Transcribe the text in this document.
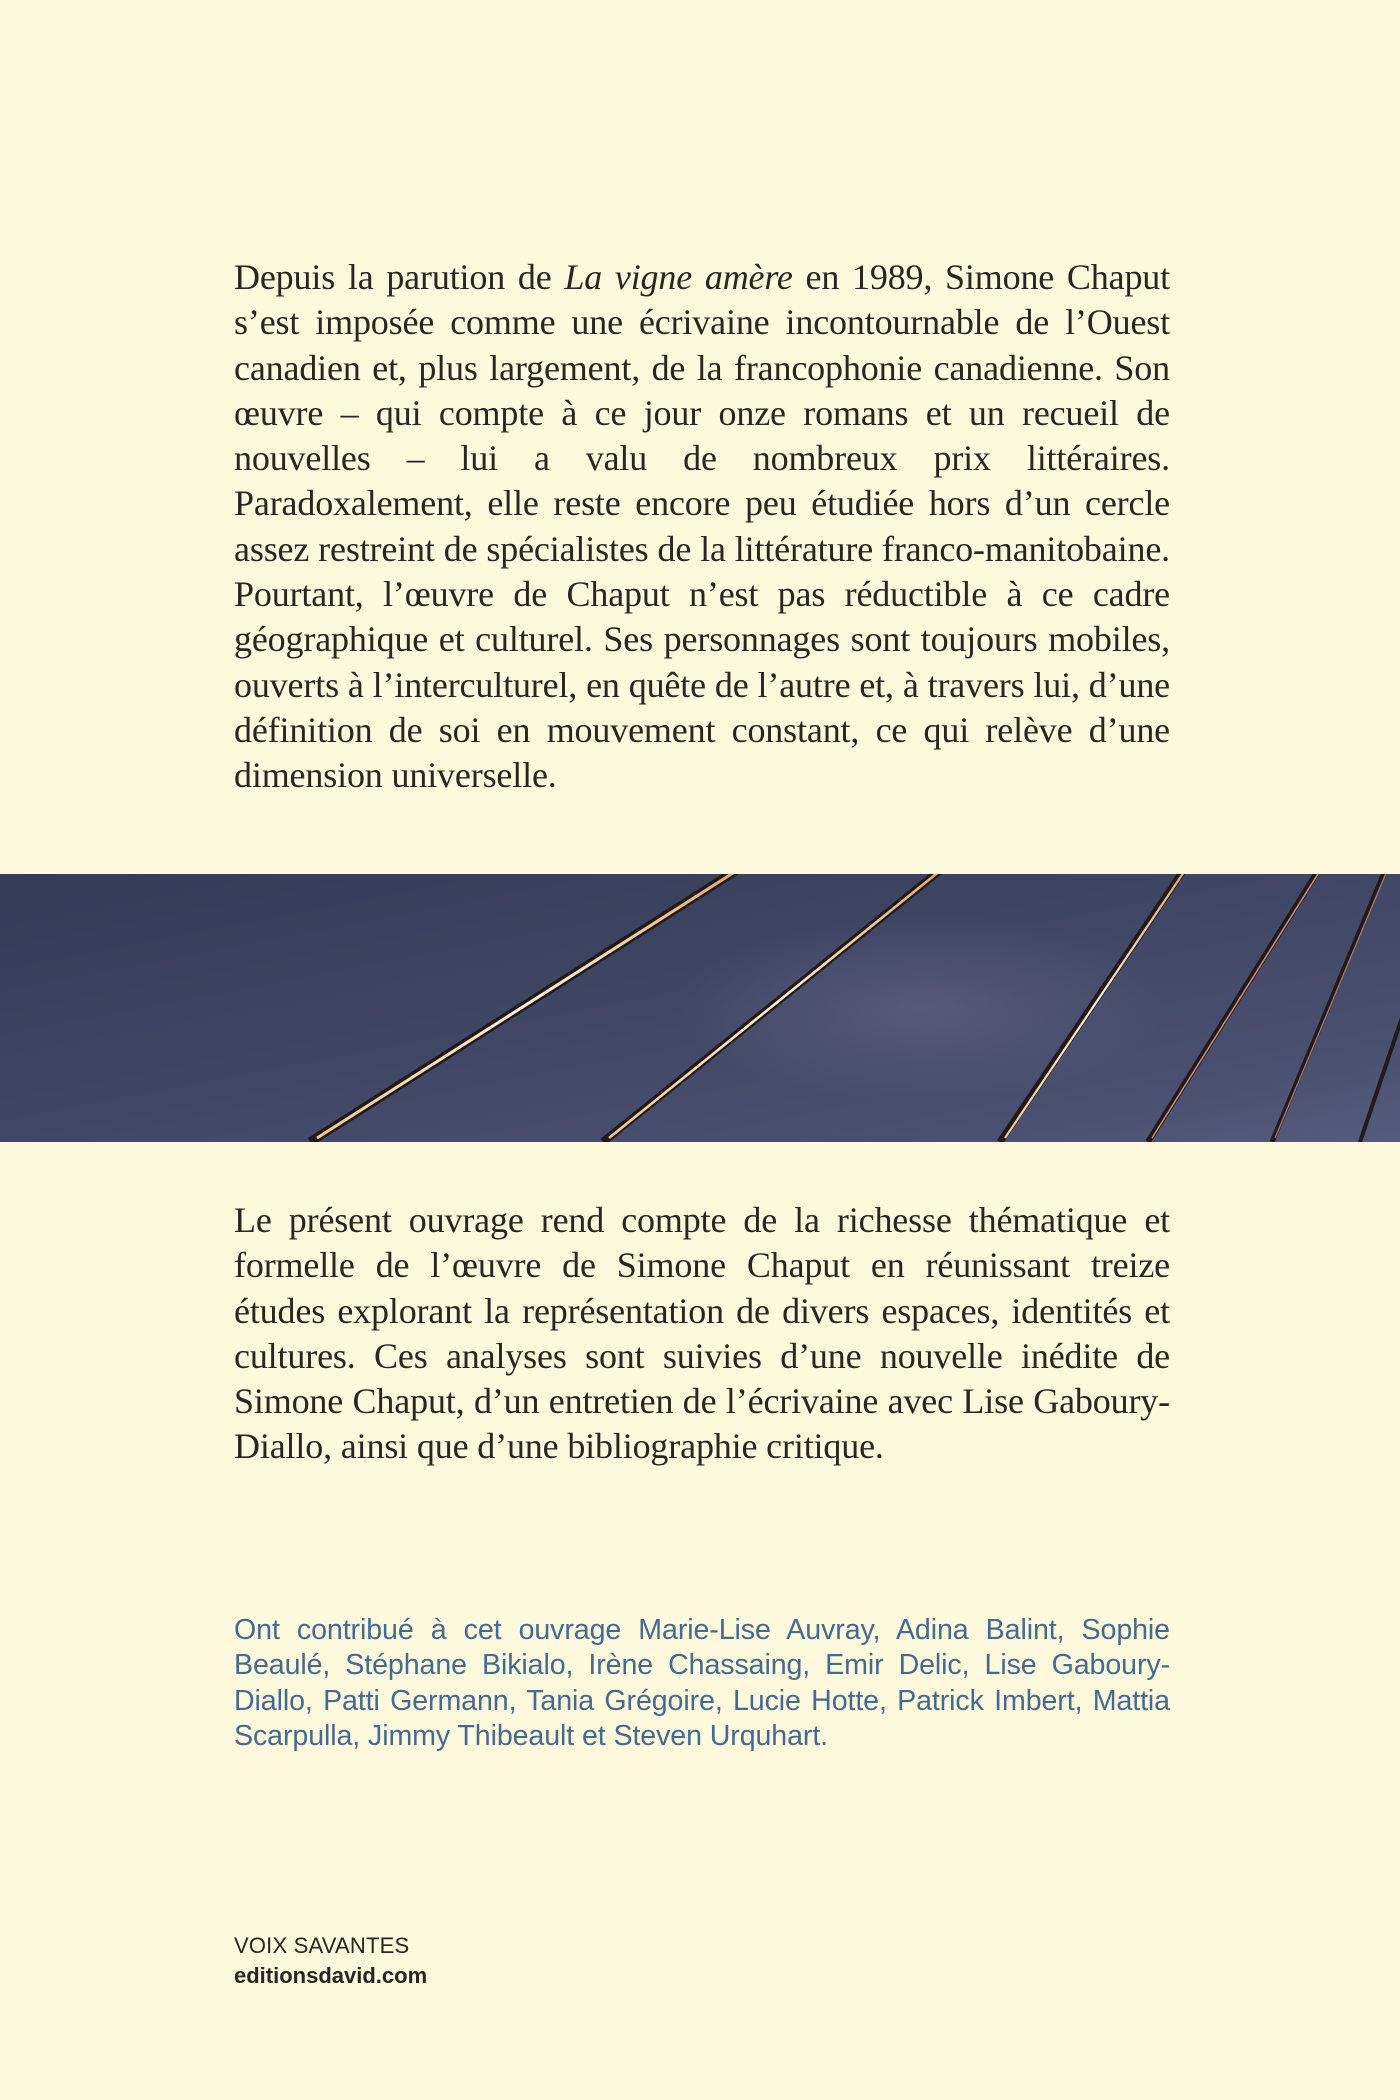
Depuis la parution de La vigne amère en 1989, Simone Chaput s’est imposée comme une écrivaine incontournable de l’Ouest canadien et, plus largement, de la francophonie canadienne. Son œuvre – qui compte à ce jour onze romans et un recueil de nouvelles – lui a valu de nombreux prix littéraires. Paradoxalement, elle reste encore peu étudiée hors d’un cercle assez restreint de spécialistes de la littérature franco-manitobaine. Pourtant, l’œuvre de Chaput n’est pas réductible à ce cadre géographique et culturel. Ses personnages sont toujours mobiles, ouverts à l’interculturel, en quête de l’autre et, à travers lui, d’une définition de soi en mouvement constant, ce qui relève d’une dimension universelle.

Le présent ouvrage rend compte de la richesse thématique et formelle de l’œuvre de Simone Chaput en réunissant treize études explorant la représentation de divers espaces, identités et cultures. Ces analyses sont suivies d’une nouvelle inédite de Simone Chaput, d’un entretien de l’écrivaine avec Lise Gaboury-Diallo, ainsi que d’une bibliographie critique.

Ont contribué à cet ouvrage Marie-Lise Auvray, Adina Balint, Sophie Beaulé, Stéphane Bikialo, Irène Chassaing, Emir Delic, Lise Gaboury-Diallo, Patti Germann, Tania Grégoire, Lucie Hotte, Patrick Imbert, Mattia Scarpulla, Jimmy Thibeault et Steven Urquhart.

VOIX SAVANTES
editionsdavid.com
